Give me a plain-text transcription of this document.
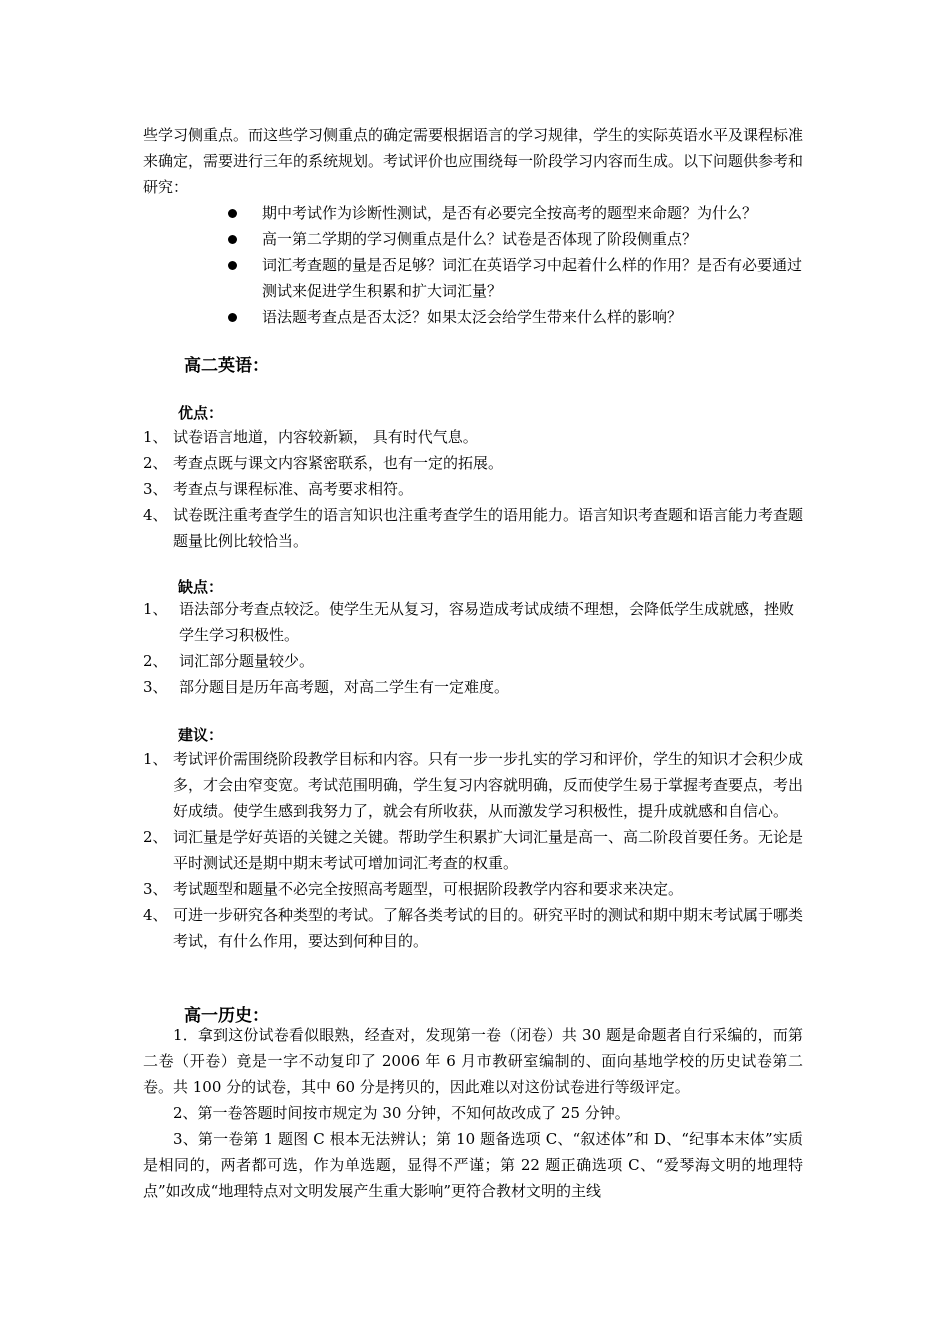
些学习侧重点。而这些学习侧重点的确定需要根据语言的学习规律，学生的实际英语水平及课程标准来确定，需要进行三年的系统规划。考试评价也应围绕每一阶段学习内容而生成。以下问题供参考和研究：

期中考试作为诊断性测试，是否有必要完全按高考的题型来命题？为什么？
高一第二学期的学习侧重点是什么？试卷是否体现了阶段侧重点？
词汇考查题的量是否足够？词汇在英语学习中起着什么样的作用？是否有必要通过测试来促进学生积累和扩大词汇量？
语法题考查点是否太泛？如果太泛会给学生带来什么样的影响？
高二英语：
优点：
1、 试卷语言地道，内容较新颖， 具有时代气息。
2、 考查点既与课文内容紧密联系，也有一定的拓展。
3、 考查点与课程标准、高考要求相符。
4、 试卷既注重考查学生的语言知识也注重考查学生的语用能力。语言知识考查题和语言能力考查题题量比例比较恰当。
缺点：
1、 语法部分考查点较泛。使学生无从复习，容易造成考试成绩不理想，会降低学生成就感，挫败学生学习积极性。
2、 词汇部分题量较少。
3、 部分题目是历年高考题，对高二学生有一定难度。
建议：
1、 考试评价需围绕阶段教学目标和内容。只有一步一步扎实的学习和评价，学生的知识才会积少成多，才会由窄变宽。考试范围明确，学生复习内容就明确，反而使学生易于掌握考查要点，考出好成绩。使学生感到我努力了，就会有所收获，从而激发学习积极性，提升成就感和自信心。
2、 词汇量是学好英语的关键之关键。帮助学生积累扩大词汇量是高一、高二阶段首要任务。无论是平时测试还是期中期末考试可增加词汇考查的权重。
3、 考试题型和题量不必完全按照高考题型，可根据阶段教学内容和要求来决定。
4、 可进一步研究各种类型的考试。了解各类考试的目的。研究平时的测试和期中期末考试属于哪类考试，有什么作用，要达到何种目的。
高一历史：

1．拿到这份试卷看似眼熟，经查对，发现第一卷（闭卷）共 30 题是命题者自行采编的，而第二卷（开卷）竟是一字不动复印了 2006 年 6 月市教研室编制的、面向基地学校的历史试卷第二卷。共 100 分的试卷，其中 60 分是拷贝的，因此难以对这份试卷进行等级评定。

2、第一卷答题时间按市规定为 30 分钟，不知何故改成了 25 分钟。

3、第一卷第 1 题图 C 根本无法辨认；第 10 题备选项 C、“叙述体”和 D、“纪事本末体”实质是相同的，两者都可选，作为单选题，显得不严谨；第 22 题正确选项 C、“爱琴海文明的地理特点”如改成“地理特点对文明发展产生重大影响”更符合教材文明的主线
